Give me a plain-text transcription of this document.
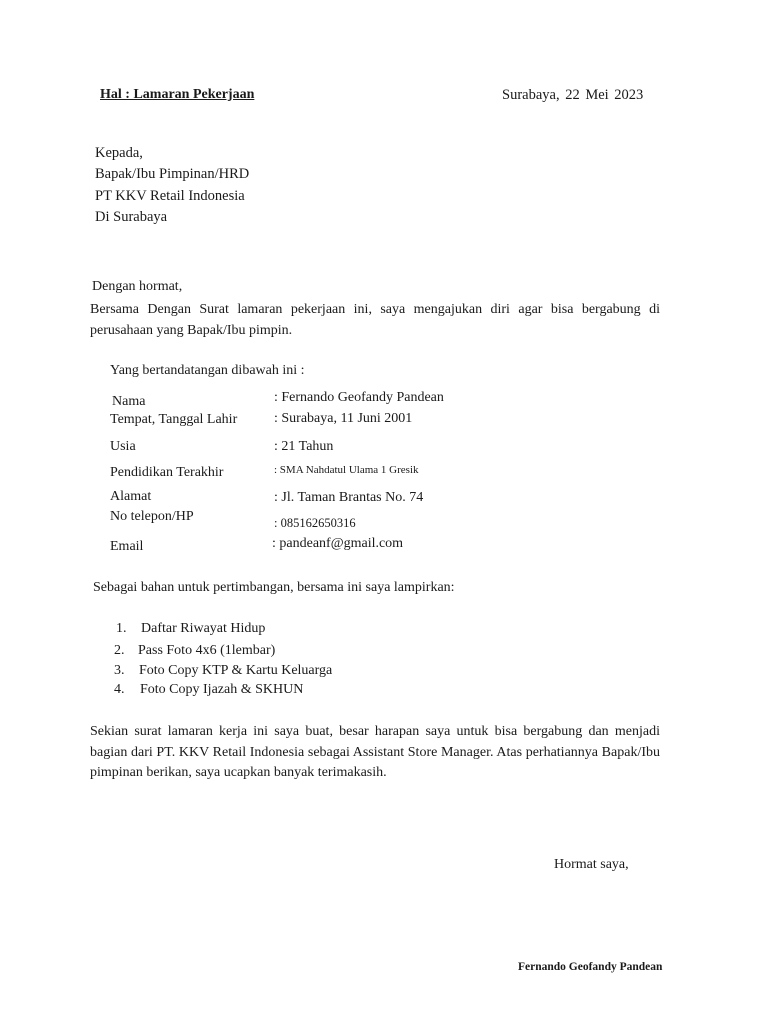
Hal : Lamaran Pekerjaan	Surabaya, 22 Mei 2023
Kepada,
Bapak/Ibu Pimpinan/HRD
PT KKV Retail Indonesia
Di Surabaya
Dengan hormat,
Bersama Dengan Surat lamaran pekerjaan ini, saya mengajukan diri agar bisa bergabung di perusahaan yang Bapak/Ibu pimpin.
Yang bertandatangan dibawah ini :
Nama	: Fernando Geofandy Pandean
Tempat, Tanggal Lahir	: Surabaya, 11 Juni 2001
Usia	: 21 Tahun
Pendidikan Terakhir	: SMA Nahdatul Ulama 1 Gresik
Alamat	: Jl. Taman Brantas No. 74
No telepon/HP	: 085162650316
Email	: pandeanf@gmail.com
Sebagai bahan untuk pertimbangan, bersama ini saya lampirkan:
1. Daftar Riwayat Hidup
2. Pass Foto 4x6 (1lembar)
3. Foto Copy KTP & Kartu Keluarga
4. Foto Copy Ijazah & SKHUN
Sekian surat lamaran kerja ini saya buat, besar harapan saya untuk bisa bergabung dan menjadi bagian dari PT. KKV Retail Indonesia sebagai Assistant Store Manager. Atas perhatiannya Bapak/Ibu pimpinan berikan, saya ucapkan banyak terimakasih.
Hormat saya,
Fernando Geofandy Pandean
